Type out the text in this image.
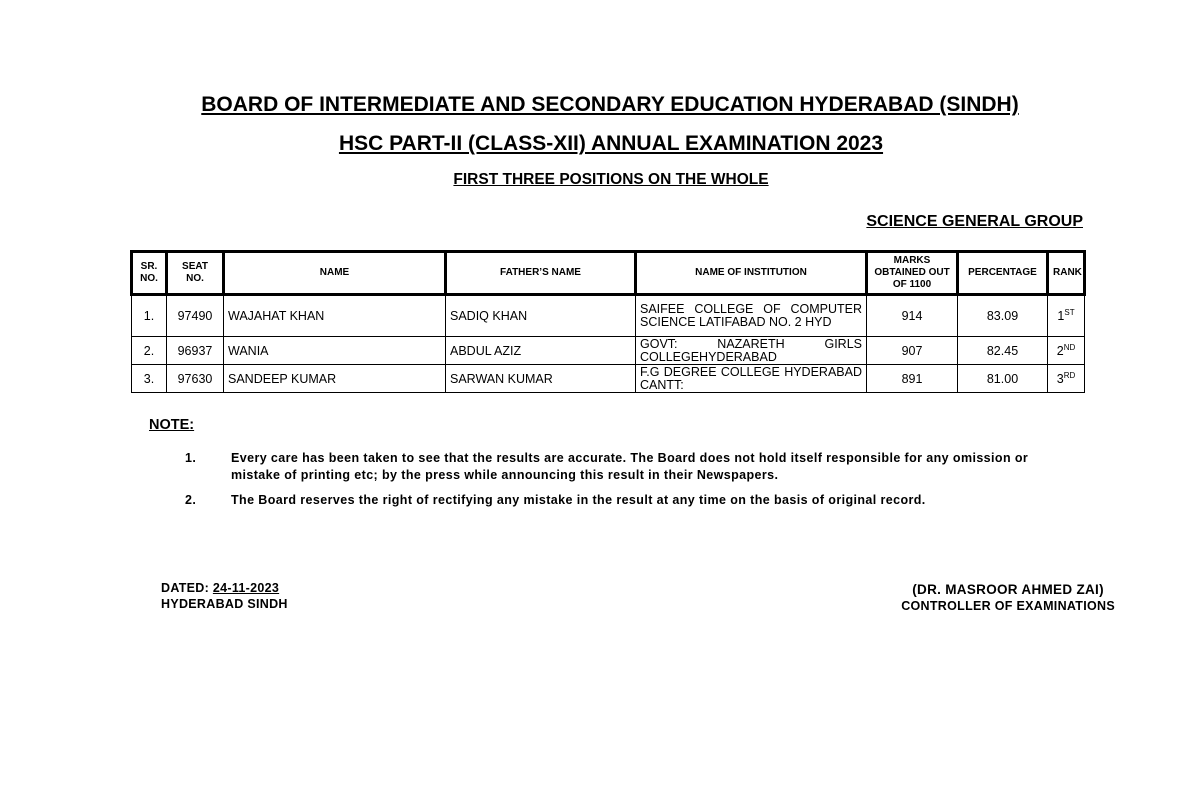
BOARD OF INTERMEDIATE AND SECONDARY EDUCATION HYDERABAD (SINDH)
HSC PART-II (CLASS-XII) ANNUAL EXAMINATION 2023
FIRST THREE POSITIONS ON THE WHOLE
SCIENCE GENERAL GROUP
SR. NO.	SEAT NO.	NAME	FATHER’S NAME	NAME OF INSTITUTION	MARKS OBTAINED OUT OF 1100	PERCENTAGE	RANK
1.	97490	WAJAHAT KHAN	SADIQ KHAN	SAIFEE COLLEGE OF COMPUTER SCIENCE LATIFABAD NO. 2 HYD	914	83.09	1ST
2.	96937	WANIA	ABDUL AZIZ	GOVT: NAZARETH GIRLS COLLEGEHYDERABAD	907	82.45	2ND
3.	97630	SANDEEP KUMAR	SARWAN KUMAR	F.G DEGREE COLLEGE HYDERABAD CANTT:	891	81.00	3RD
NOTE:
1.	Every care has been taken to see that the results are accurate. The Board does not hold itself responsible for any omission or mistake of printing etc; by the press while announcing this result in their Newspapers.
2.	The Board reserves the right of rectifying any mistake in the result at any time on the basis of original record.
DATED: 24-11-2023
HYDERABAD SINDH
(DR. MASROOR AHMED ZAI)
CONTROLLER OF EXAMINATIONS
